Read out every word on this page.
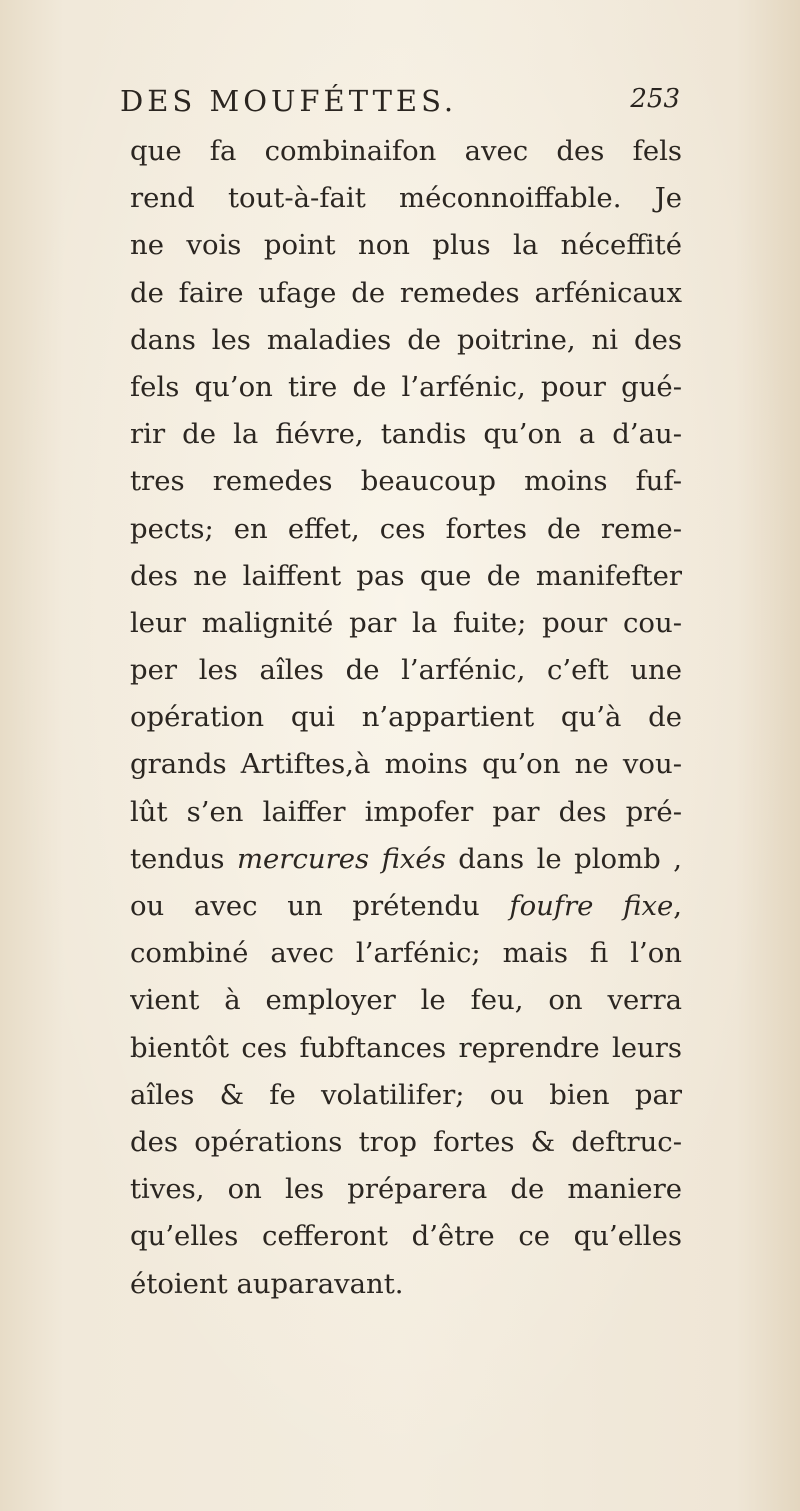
DES MOUFÉTTES.	253
que fa combinaifon avec des fels
rend tout-à-fait méconnoiffable. Je
ne vois point non plus la néceffité
de faire ufage de remedes arfénicaux
dans les maladies de poitrine, ni des
fels qu’on tire de l’arfénic, pour gué-
rir de la fiévre, tandis qu’on a d’au-
tres remedes beaucoup moins fuf-
pects; en effet, ces fortes de reme-
des ne laiffent pas que de manifefter
leur malignité par la fuite; pour cou-
per les aîles de l’arfénic, c’eft une
opération qui n’appartient qu’à de
grands Artiftes,à moins qu’on ne vou-
lût s’en laiffer impofer par des pré-
tendus mercures fixés dans le plomb ,
ou avec un prétendu foufre fixe,
combiné avec l’arfénic; mais fi l’on
vient à employer le feu, on verra
bientôt ces fubftances reprendre leurs
aîles & fe volatilifer; ou bien par
des opérations trop fortes & deftruc-
tives, on les préparera de maniere
qu’elles cefferont d’être ce qu’elles
étoient auparavant.
